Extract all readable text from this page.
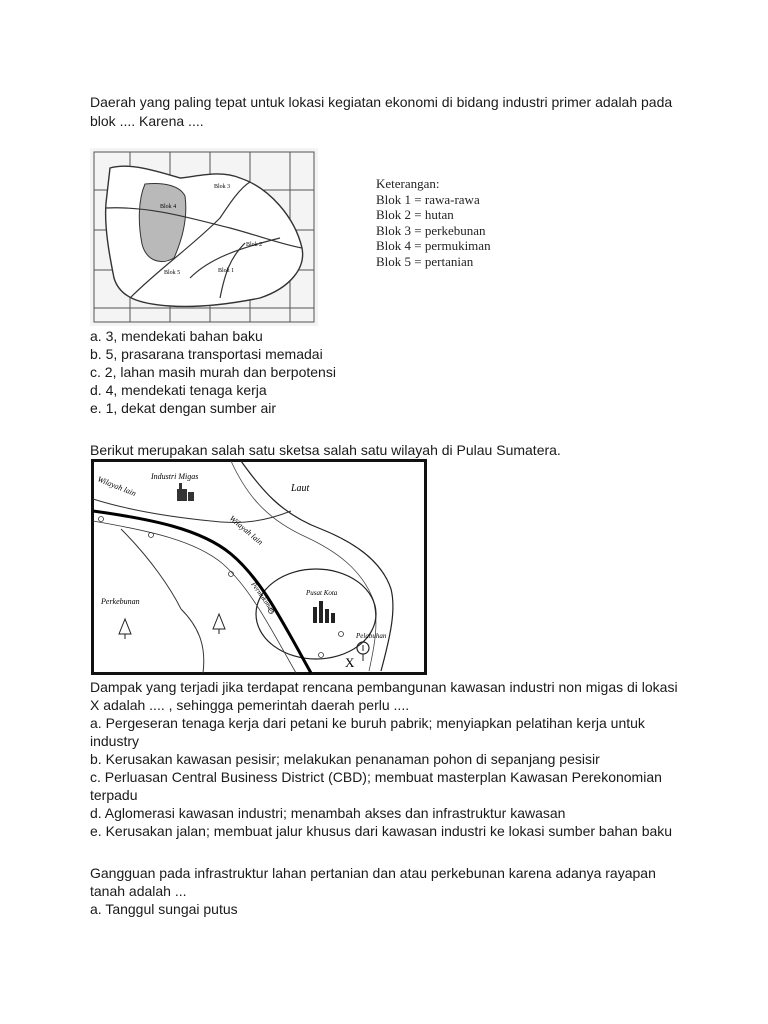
Daerah yang paling tepat untuk lokasi kegiatan ekonomi di bidang industri primer adalah pada
blok .... Karena ....
Blok 3
Blok 4
Blok 2
Blok 5	Blok 1
Keterangan:
Blok 1 = rawa-rawa
Blok 2 = hutan
Blok 3 = perkebunan
Blok 4 = permukiman
Blok 5 = pertanian
a. 3, mendekati bahan baku
b. 5, prasarana transportasi memadai
c. 2, lahan masih murah dan berpotensi
d. 4, mendekati tenaga kerja
e. 1, dekat dengan sumber air
Berikut merupakan salah satu sketsa salah satu wilayah di Pulau Sumatera.
Industri Migas
Laut
Wilayah lain
Wilayah lain
Perkebunan	Permukiman	Pusat Kota
Pelabuhan
X
Dampak yang terjadi jika terdapat rencana pembangunan kawasan industri non migas di lokasi
X adalah .... , sehingga pemerintah daerah perlu ....
a. Pergeseran tenaga kerja dari petani ke buruh pabrik; menyiapkan pelatihan kerja untuk
industry
b. Kerusakan kawasan pesisir; melakukan penanaman pohon di sepanjang pesisir
c. Perluasan Central Business District (CBD); membuat masterplan Kawasan Perekonomian
terpadu
d. Aglomerasi kawasan industri; menambah akses dan infrastruktur kawasan
e. Kerusakan jalan; membuat jalur khusus dari kawasan industri ke lokasi sumber bahan baku
Gangguan pada infrastruktur lahan pertanian dan atau perkebunan karena adanya rayapan
tanah adalah ...
a. Tanggul sungai putus
